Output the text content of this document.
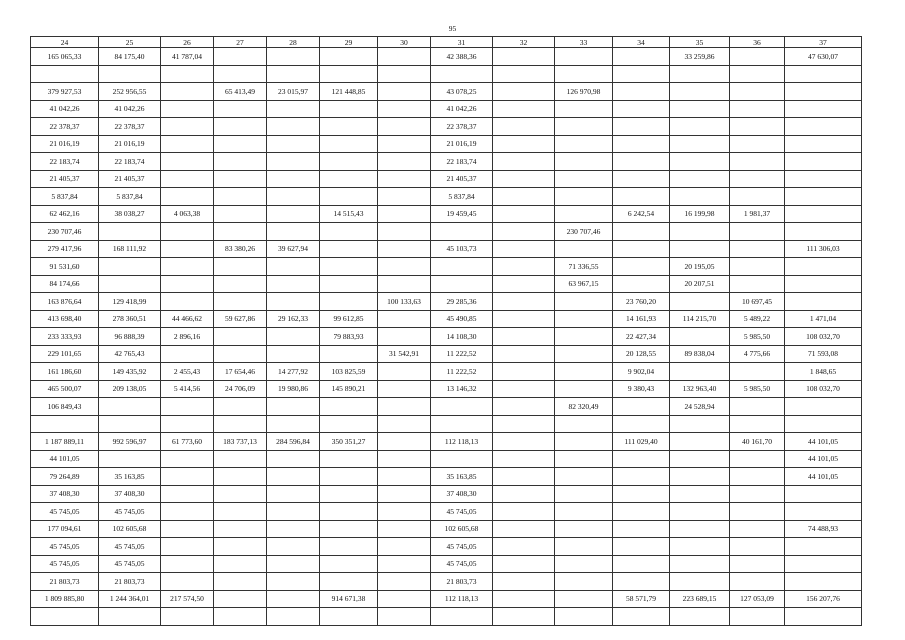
95
24	25	26	27	28	29	30	31	32	33	34	35	36	37
165 065,33	84 175,40	41 787,04					42 388,36				33 259,86		47 630,07

379 927,53	252 956,55		65 413,49	23 015,97	121 448,85		43 078,25		126 970,98				
41 042,26	41 042,26						41 042,26						
22 378,37	22 378,37						22 378,37						
21 016,19	21 016,19						21 016,19						
22 183,74	22 183,74						22 183,74						
21 405,37	21 405,37						21 405,37						
5 837,84	5 837,84						5 837,84						
62 462,16	38 038,27	4 063,38			14 515,43		19 459,45			6 242,54	16 199,98	1 981,37	
230 707,46									230 707,46				
279 417,96	168 111,92		83 380,26	39 627,94			45 103,73						111 306,03
91 531,60									71 336,55		20 195,05		
84 174,66									63 967,15		20 207,51		
163 876,64	129 418,99					100 133,63	29 285,36			23 760,20		10 697,45	
413 698,40	278 360,51	44 466,62	59 627,86	29 162,33	99 612,85		45 490,85			14 161,93	114 215,70	5 489,22	1 471,04
233 333,93	96 888,39	2 896,16			79 883,93		14 108,30			22 427,34		5 985,50	108 032,70
229 101,65	42 765,43					31 542,91	11 222,52			20 128,55	89 838,04	4 775,66	71 593,08
161 186,60	149 435,92	2 455,43	17 654,46	14 277,92	103 825,59		11 222,52			9 902,04			1 848,65
465 500,07	209 138,05	5 414,56	24 706,09	19 980,86	145 890,21		13 146,32			9 380,43	132 963,40	5 985,50	108 032,70
106 849,43									82 320,49		24 528,94		

1 187 889,11	992 596,97	61 773,60	183 737,13	284 596,84	350 351,27		112 118,13			111 029,40		40 161,70	44 101,05
44 101,05													44 101,05
79 264,89	35 163,85						35 163,85						44 101,05
37 408,30	37 408,30						37 408,30						
45 745,05	45 745,05						45 745,05						
177 094,61	102 605,68						102 605,68						74 488,93
45 745,05	45 745,05						45 745,05						
45 745,05	45 745,05						45 745,05						
21 803,73	21 803,73						21 803,73						
1 809 885,80	1 244 364,01	217 574,50			914 671,38		112 118,13			58 571,79	223 689,15	127 053,09	156 207,76
